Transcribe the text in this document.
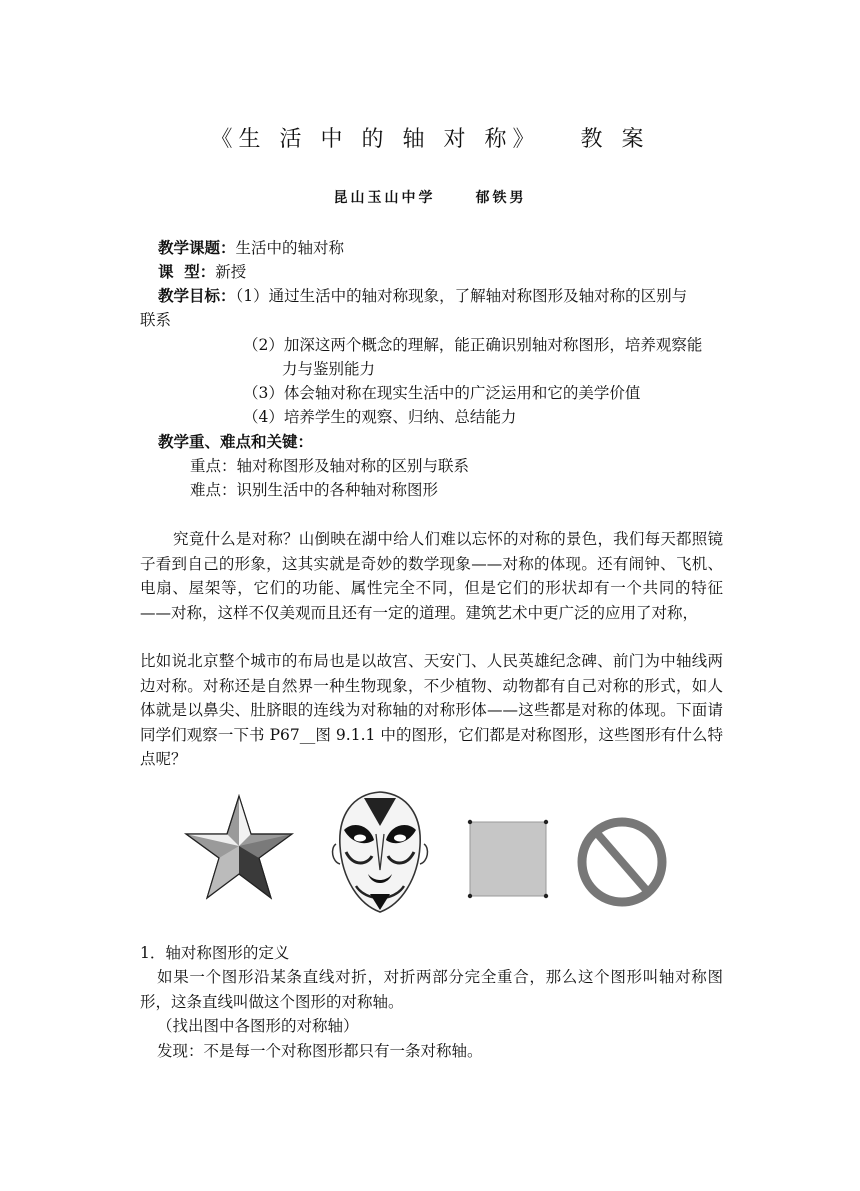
《生 活 中 的 轴 对 称》 教 案
昆山玉山中学	郁铁男
教学课题：生活中的轴对称
课  型：新授
教学目标：（1）通过生活中的轴对称现象，了解轴对称图形及轴对称的区别与
联系
（2）加深这两个概念的理解，能正确识别轴对称图形，培养观察能
力与鉴别能力
（3）体会轴对称在现实生活中的广泛运用和它的美学价值
（4）培养学生的观察、归纳、总结能力
教学重、难点和关键：
重点：轴对称图形及轴对称的区别与联系
难点：识别生活中的各种轴对称图形
究竟什么是对称？山倒映在湖中给人们难以忘怀的对称的景色，我们每天都照镜子看到自己的形象，这其实就是奇妙的数学现象——对称的体现。还有闹钟、飞机、电扇、屋架等，它们的功能、属性完全不同，但是它们的形状却有一个共同的特征——对称，这样不仅美观而且还有一定的道理。建筑艺术中更广泛的应用了对称，
比如说北京整个城市的布局也是以故宫、天安门、人民英雄纪念碑、前门为中轴线两边对称。对称还是自然界一种生物现象，不少植物、动物都有自己对称的形式，如人体就是以鼻尖、肚脐眼的连线为对称轴的对称形体——这些都是对称的体现。下面请同学们观察一下书 P67__图 9.1.1 中的图形，它们都是对称图形，这些图形有什么特点呢？
1．轴对称图形的定义
如果一个图形沿某条直线对折，对折两部分完全重合，那么这个图形叫轴对称图形，这条直线叫做这个图形的对称轴。
（找出图中各图形的对称轴）
发现：不是每一个对称图形都只有一条对称轴。
